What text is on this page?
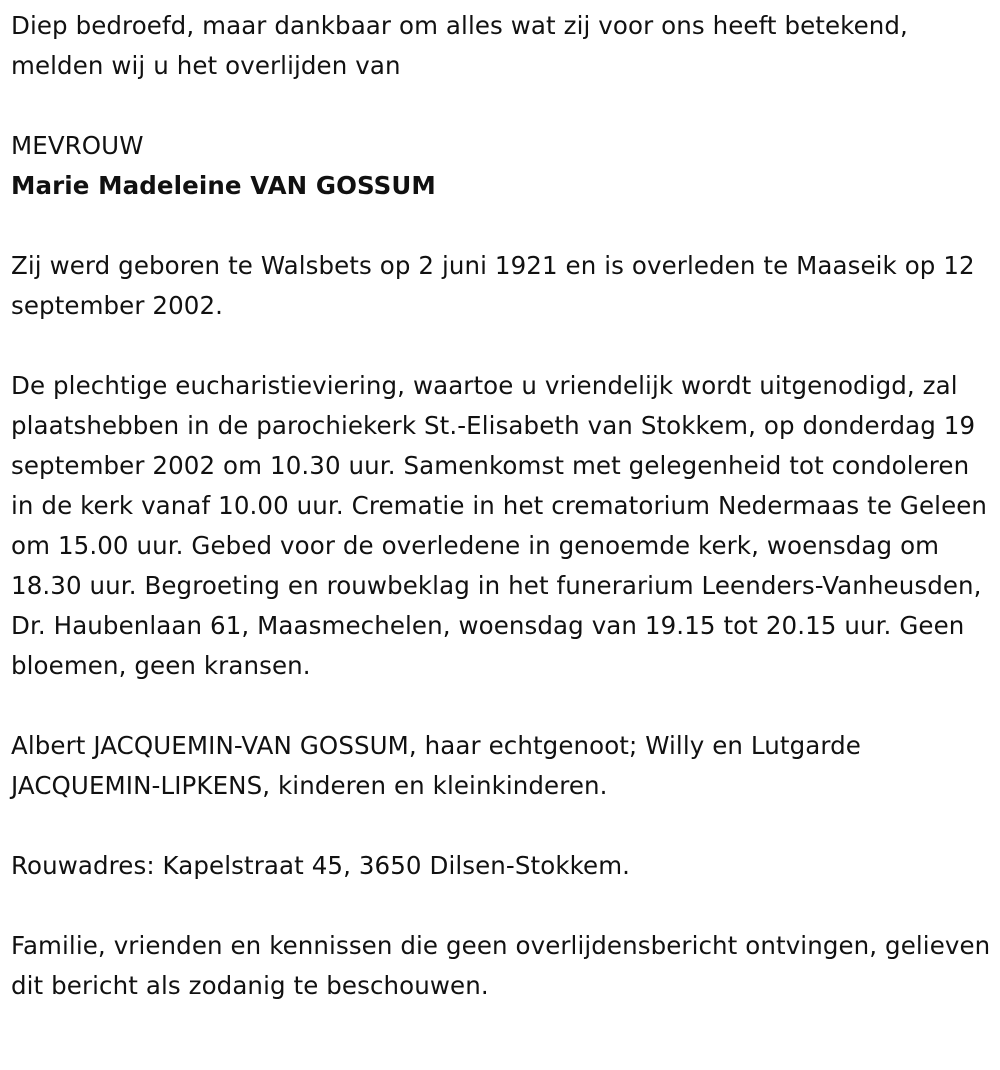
Diep bedroefd, maar dankbaar om alles wat zij voor ons heeft betekend, melden wij u het overlijden van

MEVROUW

Marie Madeleine VAN GOSSUM

Zij werd geboren te Walsbets op 2 juni 1921 en is overleden te Maaseik op 12 september 2002.

De plechtige eucharistieviering, waartoe u vriendelijk wordt uitgenodigd, zal plaatshebben in de parochiekerk St.-Elisabeth van Stokkem, op donderdag 19 september 2002 om 10.30 uur. Samenkomst met gelegenheid tot condoleren in de kerk vanaf 10.00 uur. Crematie in het crematorium Nedermaas te Geleen om 15.00 uur. Gebed voor de overledene in genoemde kerk, woensdag om 18.30 uur. Begroeting en rouwbeklag in het funerarium Leenders-Vanheusden, Dr. Haubenlaan 61, Maasmechelen, woensdag van 19.15 tot 20.15 uur. Geen bloemen, geen kransen.

Albert JACQUEMIN-VAN GOSSUM, haar echtgenoot; Willy en Lutgarde JACQUEMIN-LIPKENS, kinderen en kleinkinderen.

Rouwadres: Kapelstraat 45, 3650 Dilsen-Stokkem.

Familie, vrienden en kennissen die geen overlijdensbericht ontvingen, gelieven dit bericht als zodanig te beschouwen.
